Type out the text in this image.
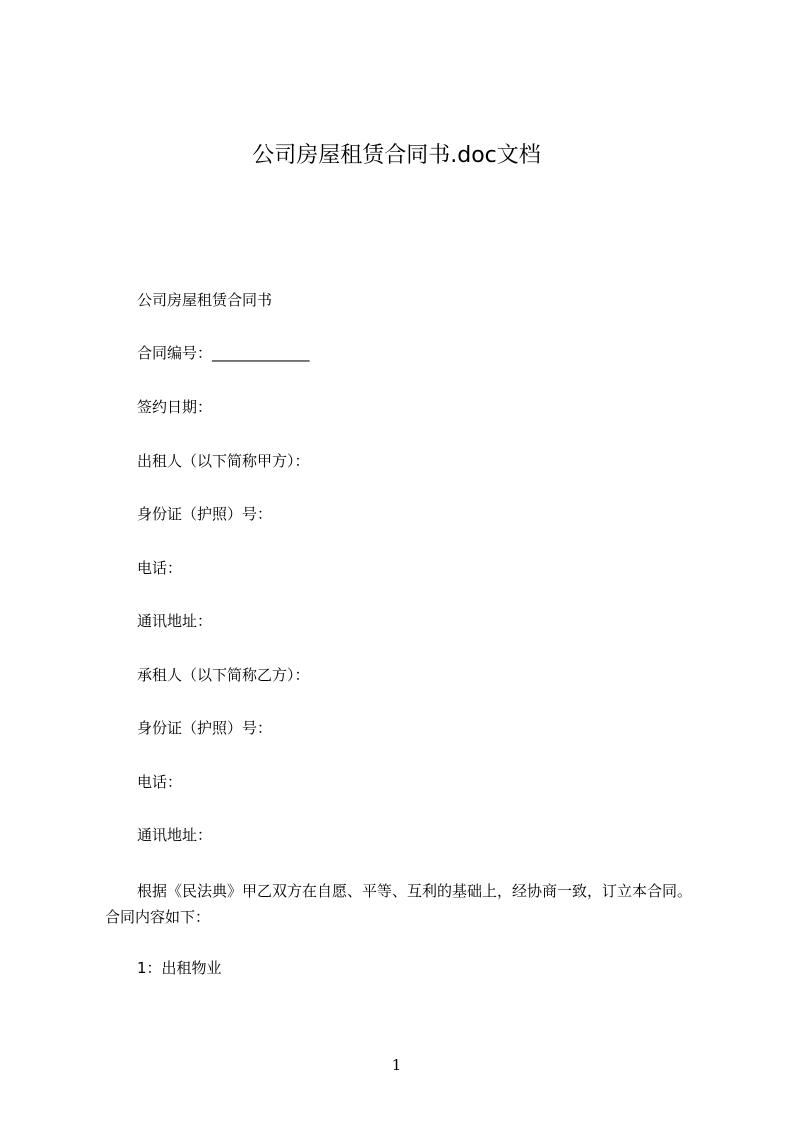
公司房屋租赁合同书.doc文档
公司房屋租赁合同书
合同编号：_____________
签约日期：
出租人（以下简称甲方）：
身份证（护照）号：
电话：
通讯地址：
承租人（以下简称乙方）：
身份证（护照）号：
电话：
通讯地址：
根据《民法典》甲乙双方在自愿、平等、互利的基础上，经协商一致，订立本合同。合同内容如下：
1：出租物业
1
